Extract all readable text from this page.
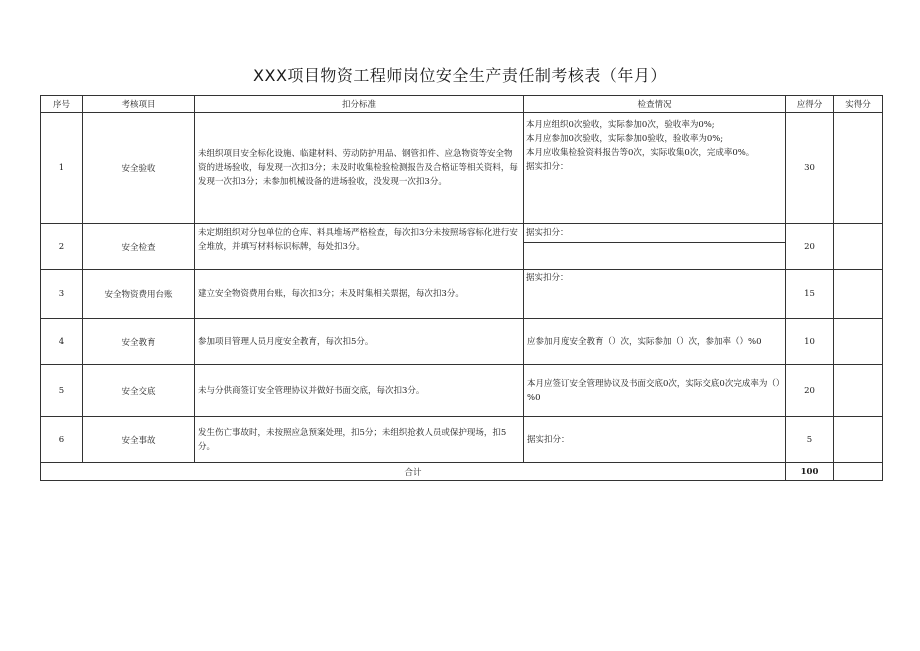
XXX项目物资工程师岗位安全生产责任制考核表（年月）
序号	考核项目	扣分标准	检查情况	应得分	实得分
1	安全验收	未组织项目安全标化设施、临建材料、劳动防护用品、钢管扣件、应急物资等安全物资的进场验收，每发现一次扣3分；未及时收集检验检测报告及合格证等相关资料，每发现一次扣3分；未参加机械设备的进场验收，没发现一次扣3分。	本月应组织0次验收，实际参加0次，验收率为0%;
本月应参加0次验收，实际参加0验收，验收率为0%;
本月应收集检验资料报告等0次，实际收集0次，完成率0%。
据实扣分：	30	
2	安全检查	未定期组织对分包单位的仓库、料具堆场严格检查，每次扣3分未按照场容标化进行安全堆放，并填写材料标识标牌，每处扣3分。	据实扣分：	20	
3	安全物资费用台账	建立安全物资费用台账，每次扣3分；未及时集相关票据，每次扣3分。	据实扣分：	15	
4	安全教育	参加项目管理人员月度安全教育，每次扣5分。	应参加月度安全教育（）次，实际参加（）次，参加率（）%0	10	
5	安全交底	未与分供商签订安全管理协议并做好书面交底，每次扣3分。	本月应签订安全管理协议及书面交底0次，实际交底0次完成率为（）%0	20	
6	安全事故	发生伤亡事故时，未按照应急预案处理，扣5分；未组织抢救人员或保护现场，扣5分。	据实扣分：	5	
合计				100	
